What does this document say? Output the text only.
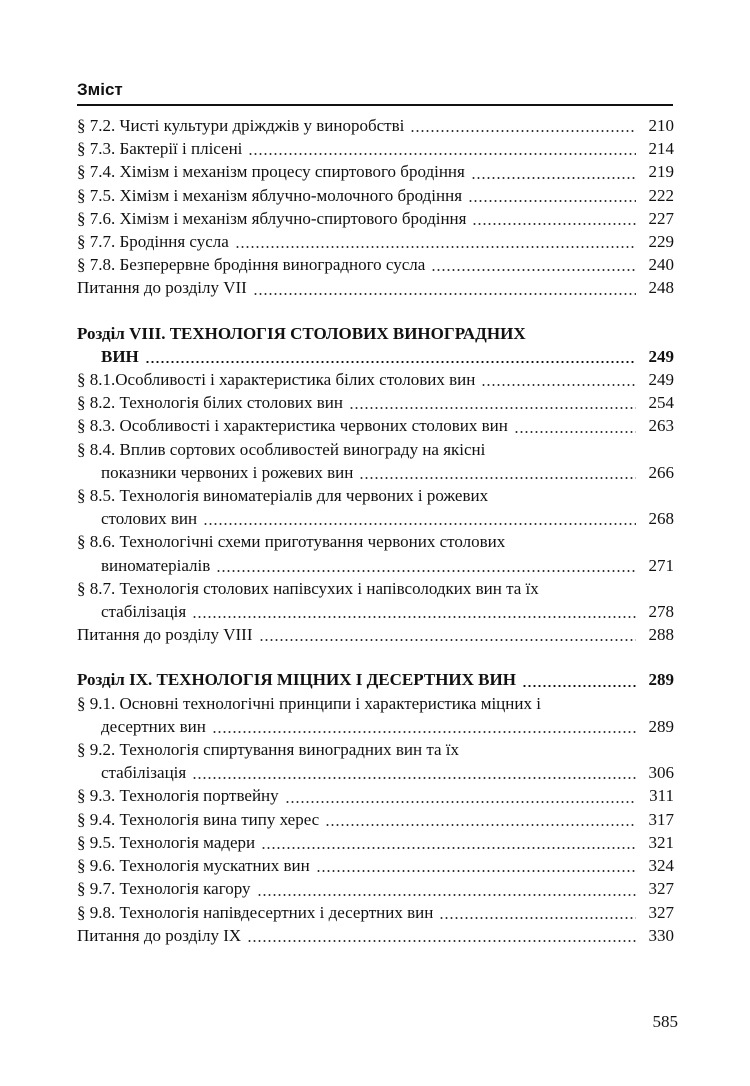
Зміст
§ 7.2. Чисті культури дріжджів у виноробстві	210
§ 7.3. Бактерії і плісені	214
§ 7.4. Хімізм і механізм процесу спиртового бродіння	219
§ 7.5. Хімізм і механізм яблучно-молочного бродіння	222
§ 7.6. Хімізм і механізм яблучно-спиртового бродіння	227
§ 7.7. Бродіння сусла	229
§ 7.8. Безперервне бродіння виноградного сусла	240
Питання до розділу VII	248
Розділ VIII. ТЕХНОЛОГІЯ СТОЛОВИХ ВИНОГРАДНИХ
ВИН	249
§ 8.1.Особливості і характеристика білих столових вин	249
§ 8.2. Технологія білих столових вин	254
§ 8.3. Особливості і характеристика червоних столових вин	263
§ 8.4. Вплив сортових особливостей винограду на якісні
показники червоних і рожевих вин	266
§ 8.5. Технологія виноматеріалів для червоних і рожевих
столових вин	268
§ 8.6. Технологічні схеми приготування червоних столових
виноматеріалів	271
§ 8.7. Технологія столових напівсухих і напівсолодких вин та їх
стабілізація	278
Питання до розділу VIII	288
Розділ IX. ТЕХНОЛОГІЯ МІЦНИХ І ДЕСЕРТНИХ ВИН	289
§ 9.1. Основні технологічні принципи і характеристика міцних і
десертних вин	289
§ 9.2. Технологія спиртування виноградних вин та їх
стабілізація	306
§ 9.3. Технологія портвейну	311
§ 9.4. Технологія вина типу херес	317
§ 9.5. Технологія мадери	321
§ 9.6. Технологія мускатних вин	324
§ 9.7. Технологія кагору	327
§ 9.8. Технологія напівдесертних і десертних вин	327
Питання до розділу IX	330
585
